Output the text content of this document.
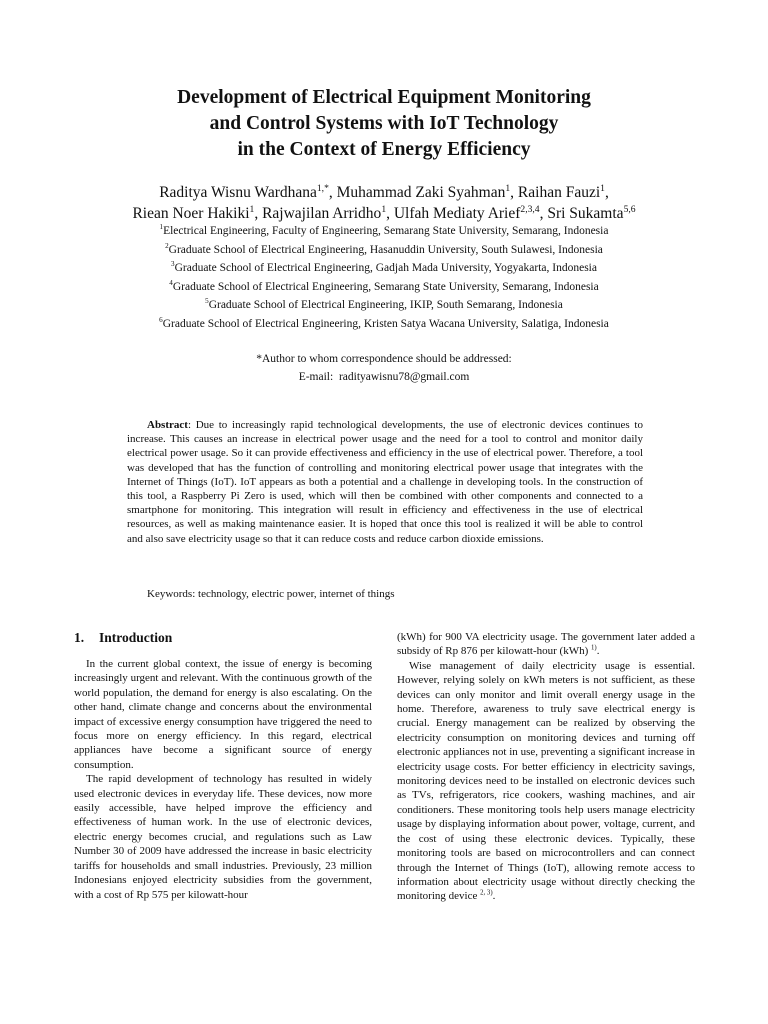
Development of Electrical Equipment Monitoring
and Control Systems with IoT Technology
in the Context of Energy Efficiency
Raditya Wisnu Wardhana$^{1,*}$, Muhammad Zaki Syahman$^1$, Raihan Fauzi$^1$,
Riean Noer Hakiki$^1$, Rajwajilan Arridho$^1$, Ulfah Mediaty Arief$^{2,3,4}$, Sri Sukamta$^{5,6}$
$^1$Electrical Engineering, Faculty of Engineering, Semarang State University, Semarang, Indonesia
$^2$Graduate School of Electrical Engineering, Hasanuddin University, South Sulawesi, Indonesia
$^3$Graduate School of Electrical Engineering, Gadjah Mada University, Yogyakarta, Indonesia
$^4$Graduate School of Electrical Engineering, Semarang State University, Semarang, Indonesia
$^5$Graduate School of Electrical Engineering, IKIP, South Semarang, Indonesia
$^6$Graduate School of Electrical Engineering, Kristen Satya Wacana University, Salatiga, Indonesia
*Author to whom correspondence should be addressed:
E-mail: radityawisnu78@gmail.com

Abstract: Due to increasingly rapid technological developments, the use of electronic devices continues to increase. This causes an increase in electrical power usage and the need for a tool to control and monitor daily electrical power usage. So it can provide effectiveness and efficiency in the use of electrical power. Therefore, a tool was developed that has the function of controlling and monitoring electrical power usage that integrates with the Internet of Things (IoT). IoT appears as both a potential and a challenge in developing tools. In the construction of this tool, a Raspberry Pi Zero is used, which will then be combined with other components and connected to a smartphone for monitoring. This integration will result in efficiency and effectiveness in the use of electrical resources, as well as making maintenance easier. It is hoped that once this tool is realized it will be able to control and also save electricity usage so that it can reduce costs and reduce carbon dioxide emissions.

Keywords: technology, electric power, internet of things
1. Introduction

In the current global context, the issue of energy is becoming increasingly urgent and relevant. With the continuous growth of the world population, the demand for energy is also escalating. On the other hand, climate change and concerns about the environmental impact of excessive energy consumption have triggered the need to focus more on energy efficiency. In this regard, electrical appliances have become a significant source of energy consumption.

The rapid development of technology has resulted in widely used electronic devices in everyday life. These devices, now more easily accessible, have helped improve the efficiency and effectiveness of human work. In the use of electronic devices, electric energy becomes crucial, and regulations such as Law Number 30 of 2009 have addressed the increase in basic electricity tariffs for households and small industries. Previously, 23 million Indonesians enjoyed electricity subsidies from the government, with a cost of Rp 575 per kilowatt-hour

(kWh) for 900 VA electricity usage. The government later added a subsidy of Rp 876 per kilowatt-hour (kWh) $^{1)}$.

Wise management of daily electricity usage is essential. However, relying solely on kWh meters is not sufficient, as these devices can only monitor and limit overall energy usage in the home. Therefore, awareness to truly save electrical energy is crucial. Energy management can be realized by observing the electricity consumption on monitoring devices and turning off electronic appliances not in use, preventing a significant increase in electricity usage costs. For better efficiency in electricity savings, monitoring devices need to be installed on electronic devices such as TVs, refrigerators, rice cookers, washing machines, and air conditioners. These monitoring tools help users manage electricity usage by displaying information about power, voltage, current, and the cost of using these electronic devices. Typically, these monitoring tools are based on microcontrollers and can connect through the Internet of Things (IoT), allowing remote access to information about electricity usage without directly checking the monitoring device $^{2, 3)}$.
